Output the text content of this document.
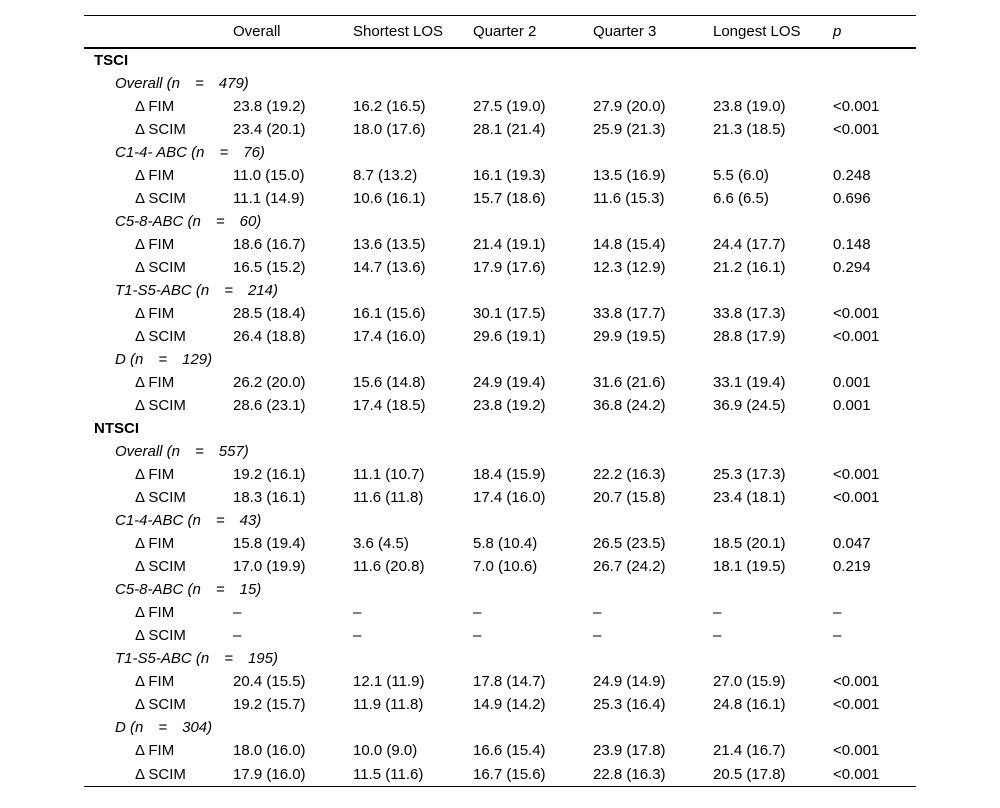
	Overall	Shortest LOS	Quarter 2	Quarter 3	Longest LOS	p
TSCI						
Overall (n  =  479)						
Δ FIM	23.8 (19.2)	16.2 (16.5)	27.5 (19.0)	27.9 (20.0)	23.8 (19.0)	<0.001
Δ SCIM	23.4 (20.1)	18.0 (17.6)	28.1 (21.4)	25.9 (21.3)	21.3 (18.5)	<0.001
C1-4- ABC (n  =  76)						
Δ FIM	11.0 (15.0)	8.7 (13.2)	16.1 (19.3)	13.5 (16.9)	5.5 (6.0)	0.248
Δ SCIM	11.1 (14.9)	10.6 (16.1)	15.7 (18.6)	11.6 (15.3)	6.6 (6.5)	0.696
C5-8-ABC (n  =  60)						
Δ FIM	18.6 (16.7)	13.6 (13.5)	21.4 (19.1)	14.8 (15.4)	24.4 (17.7)	0.148
Δ SCIM	16.5 (15.2)	14.7 (13.6)	17.9 (17.6)	12.3 (12.9)	21.2 (16.1)	0.294
T1-S5-ABC (n  =  214)						
Δ FIM	28.5 (18.4)	16.1 (15.6)	30.1 (17.5)	33.8 (17.7)	33.8 (17.3)	<0.001
Δ SCIM	26.4 (18.8)	17.4 (16.0)	29.6 (19.1)	29.9 (19.5)	28.8 (17.9)	<0.001
D (n  =  129)						
Δ FIM	26.2 (20.0)	15.6 (14.8)	24.9 (19.4)	31.6 (21.6)	33.1 (19.4)	0.001
Δ SCIM	28.6 (23.1)	17.4 (18.5)	23.8 (19.2)	36.8 (24.2)	36.9 (24.5)	0.001
NTSCI						
Overall (n  =  557)						
Δ FIM	19.2 (16.1)	11.1 (10.7)	18.4 (15.9)	22.2 (16.3)	25.3 (17.3)	<0.001
Δ SCIM	18.3 (16.1)	11.6 (11.8)	17.4 (16.0)	20.7 (15.8)	23.4 (18.1)	<0.001
C1-4-ABC (n  =  43)						
Δ FIM	15.8 (19.4)	3.6 (4.5)	5.8 (10.4)	26.5 (23.5)	18.5 (20.1)	0.047
Δ SCIM	17.0 (19.9)	11.6 (20.8)	7.0 (10.6)	26.7 (24.2)	18.1 (19.5)	0.219
C5-8-ABC (n  =  15)						
Δ FIM	–	–	–	–	–	–
Δ SCIM	–	–	–	–	–	–
T1-S5-ABC (n  =  195)						
Δ FIM	20.4 (15.5)	12.1 (11.9)	17.8 (14.7)	24.9 (14.9)	27.0 (15.9)	<0.001
Δ SCIM	19.2 (15.7)	11.9 (11.8)	14.9 (14.2)	25.3 (16.4)	24.8 (16.1)	<0.001
D (n  =  304)						
Δ FIM	18.0 (16.0)	10.0 (9.0)	16.6 (15.4)	23.9 (17.8)	21.4 (16.7)	<0.001
Δ SCIM	17.9 (16.0)	11.5 (11.6)	16.7 (15.6)	22.8 (16.3)	20.5 (17.8)	<0.001
